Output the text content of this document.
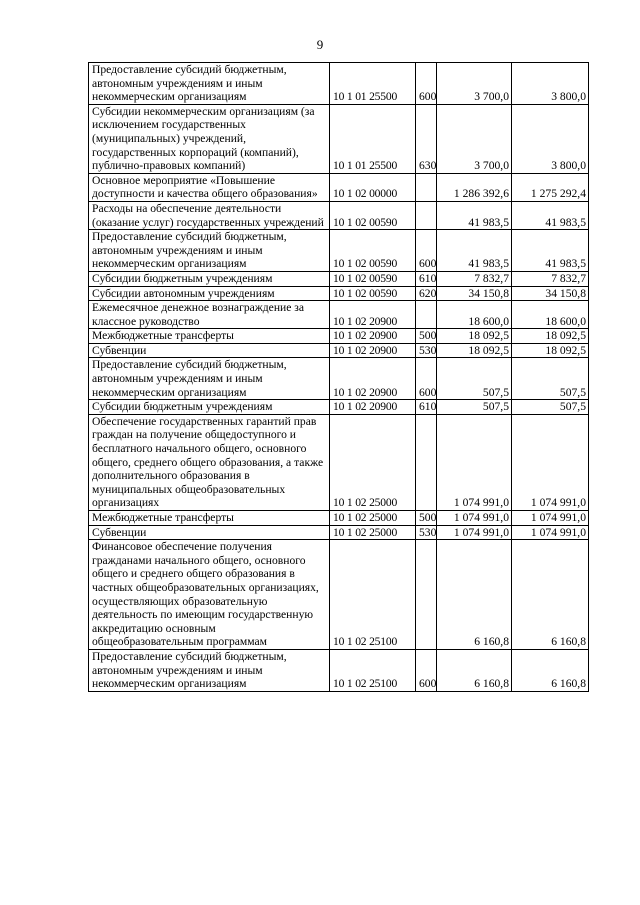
9
Предоставление субсидий бюджетным, автономным учреждениям и иным некоммерческим организациям	10 1 01 25500	600	3 700,0	3 800,0
Субсидии некоммерческим организациям (за исключением государственных (муниципальных) учреждений, государственных корпораций (компаний), публично-правовых компаний)	10 1 01 25500	630	3 700,0	3 800,0
Основное мероприятие «Повышение доступности и качества общего образования»	10 1 02 00000		1 286 392,6	1 275 292,4
Расходы на обеспечение деятельности (оказание услуг) государственных учреждений	10 1 02 00590		41 983,5	41 983,5
Предоставление субсидий бюджетным, автономным учреждениям и иным некоммерческим организациям	10 1 02 00590	600	41 983,5	41 983,5
Субсидии бюджетным учреждениям	10 1 02 00590	610	7 832,7	7 832,7
Субсидии автономным учреждениям	10 1 02 00590	620	34 150,8	34 150,8
Ежемесячное денежное вознаграждение за классное руководство	10 1 02 20900		18 600,0	18 600,0
Межбюджетные трансферты	10 1 02 20900	500	18 092,5	18 092,5
Субвенции	10 1 02 20900	530	18 092,5	18 092,5
Предоставление субсидий бюджетным, автономным учреждениям и иным некоммерческим организациям	10 1 02 20900	600	507,5	507,5
Субсидии бюджетным учреждениям	10 1 02 20900	610	507,5	507,5
Обеспечение государственных гарантий прав граждан на получение общедоступного и бесплатного начального общего, основного общего, среднего общего образования, а также дополнительного образования в муниципальных общеобразовательных организациях	10 1 02 25000		1 074 991,0	1 074 991,0
Межбюджетные трансферты	10 1 02 25000	500	1 074 991,0	1 074 991,0
Субвенции	10 1 02 25000	530	1 074 991,0	1 074 991,0
Финансовое обеспечение получения гражданами начального общего, основного общего и среднего общего образования в частных общеобразовательных организациях, осуществляющих образовательную деятельность по имеющим государственную аккредитацию основным общеобразовательным программам	10 1 02 25100		6 160,8	6 160,8
Предоставление субсидий бюджетным, автономным учреждениям и иным некоммерческим организациям	10 1 02 25100	600	6 160,8	6 160,8
